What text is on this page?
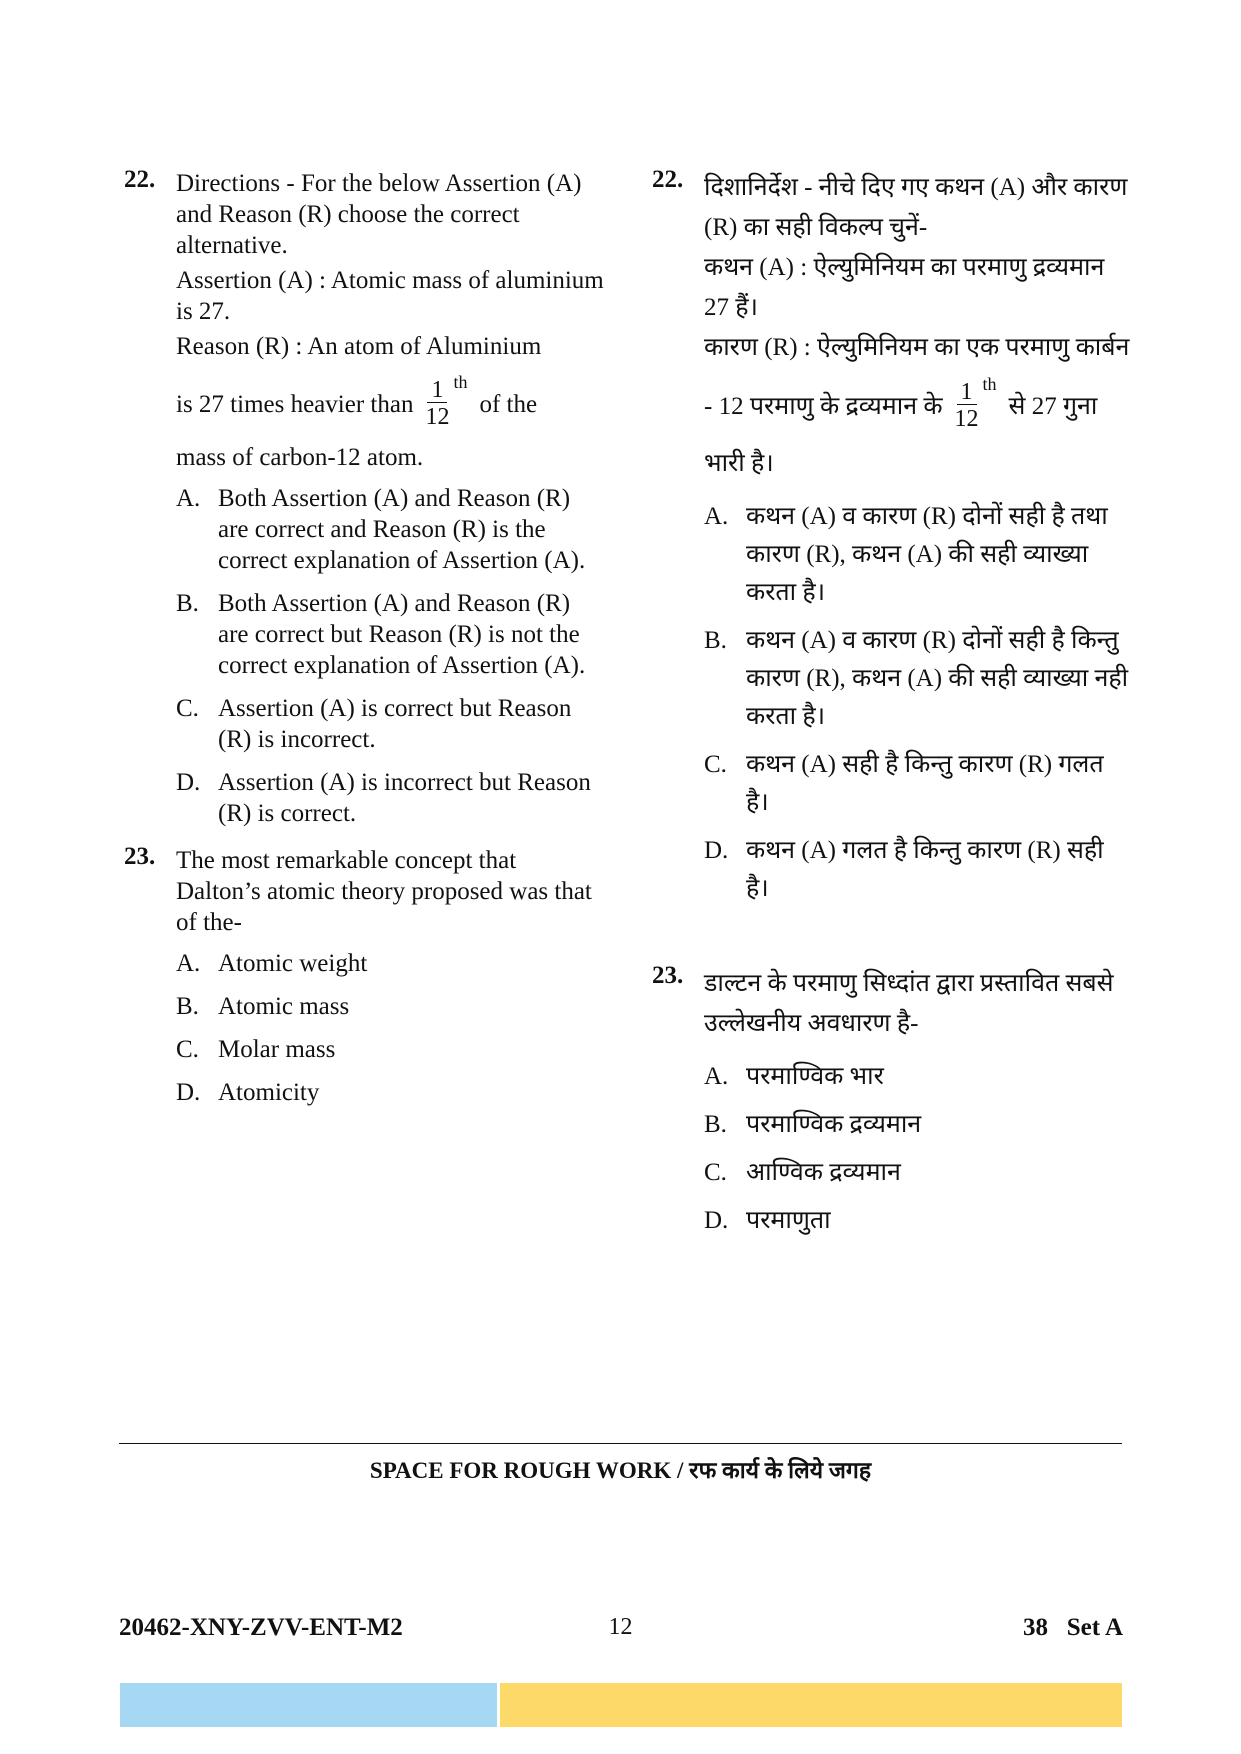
22. Directions - For the below Assertion (A) and Reason (R) choose the correct alternative.

Assertion (A) : Atomic mass of aluminium is 27.

Reason (R) : An atom of Aluminium

is 27 times heavier than $\frac{1}{12}$ th
of the

mass of carbon-12 atom.

A. Both Assertion (A) and Reason (R) are correct and Reason (R) is the correct explanation of Assertion (A).
B. Both Assertion (A) and Reason (R) are correct but Reason (R) is not the correct explanation of Assertion (A).
C. Assertion (A) is correct but Reason (R) is incorrect.
D. Assertion (A) is incorrect but Reason (R) is correct.
23. The most remarkable concept that Dalton’s atomic theory proposed was that of the-

A. Atomic weight
B. Atomic mass
C. Molar mass
D. Atomicity
22. दिशानिर्देश - नीचे दिए गए कथन (A) और कारण (R) का सही विकल्प चुनें-

कथन (A) : ऐल्युमिनियम का परमाणु द्रव्यमान 27 हैं।

कारण (R) : ऐल्युमिनियम का एक परमाणु कार्बन

- 12 परमाणु के द्रव्यमान के $\frac{1}{12}$ th
से 27 गुना

भारी है।

A. कथन (A) व कारण (R) दोनों सही है तथा कारण (R), कथन (A) की सही व्याख्या करता है।
B. कथन (A) व कारण (R) दोनों सही है किन्तु कारण (R), कथन (A) की सही व्याख्या नही करता है।
C. कथन (A) सही है किन्तु कारण (R) गलत है।
D. कथन (A) गलत है किन्तु कारण (R) सही है।
23. डाल्टन के परमाणु सिध्दांत द्वारा प्रस्तावित सबसे उल्लेखनीय अवधारण है-

A. परमाण्विक भार
B. परमाण्विक द्रव्यमान
C. आण्विक द्रव्यमान
D. परमाणुता
SPACE FOR ROUGH WORK / रफ कार्य के लिये जगह
20462-XNY-ZVV-ENT-M2	12	38   Set A
